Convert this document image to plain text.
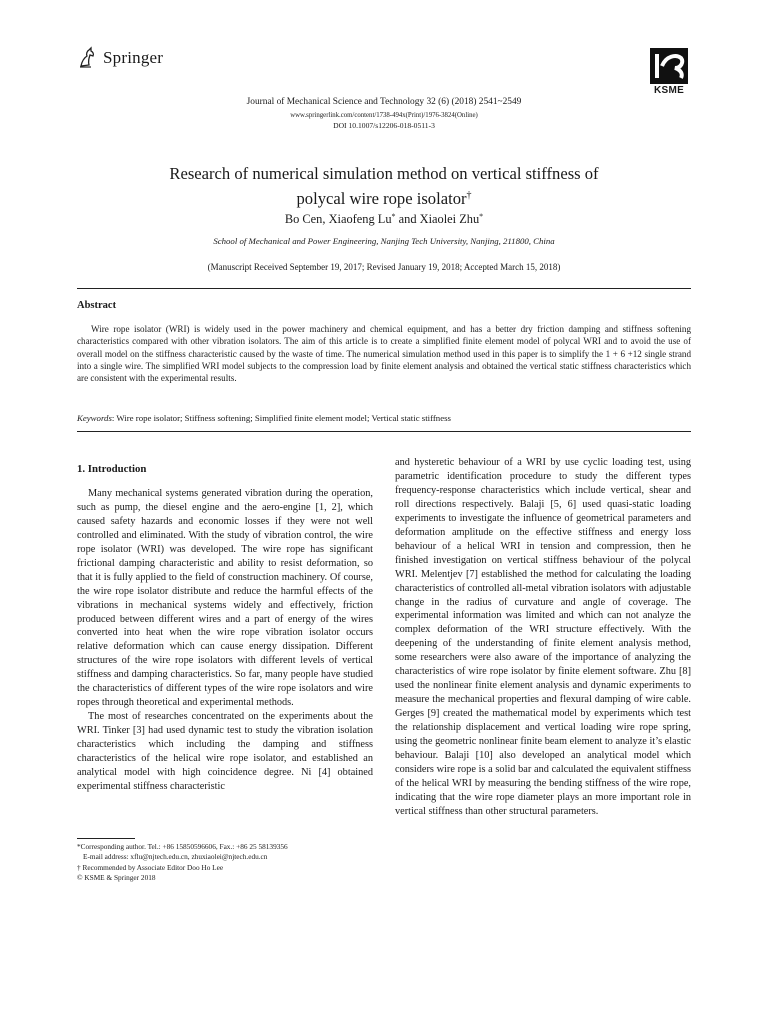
Springer
KSME
Journal of Mechanical Science and Technology 32 (6) (2018) 2541~2549
www.springerlink.com/content/1738-494x(Print)/1976-3824(Online)
DOI 10.1007/s12206-018-0511-3
Research of numerical simulation method on vertical stiffness of
polycal wire rope isolator†
Bo Cen, Xiaofeng Lu* and Xiaolei Zhu*
School of Mechanical and Power Engineering, Nanjing Tech University, Nanjing, 211800, China
(Manuscript Received September 19, 2017; Revised January 19, 2018; Accepted March 15, 2018)
Abstract
Wire rope isolator (WRI) is widely used in the power machinery and chemical equipment, and has a better dry friction damping and stiffness softening characteristics compared with other vibration isolators. The aim of this article is to create a simplified finite element model of polycal WRI and to avoid the use of overall model on the stiffness characteristic caused by the waste of time. The numerical simulation method used in this paper is to simplify the 1 + 6 +12 single strand into a single wire. The simplified WRI model subjects to the compression load by finite element analysis and obtained the vertical static stiffness characteristics which are consistent with the experimental results.
Keywords: Wire rope isolator; Stiffness softening; Simplified finite element model; Vertical static stiffness
1. Introduction

Many mechanical systems generated vibration during the operation, such as pump, the diesel engine and the aero-engine [1, 2], which caused safety hazards and economic losses if they were not well controlled and eliminated. With the study of vibration control, the wire rope isolator (WRI) was developed. The wire rope has significant frictional damping characteristic and ability to resist deformation, so that it is fully applied to the field of construction machinery. Of course, the wire rope isolator distribute and reduce the harmful effects of the vibrations in mechanical systems widely and effectively, friction produced between different wires and a part of energy of the wires converted into heat when the wire rope vibration isolator occurs relative deformation which can cause energy dissipation. Different structures of the wire rope isolators with different levels of vertical stiffness and damping characteristics. So far, many people have studied the characteristics of different types of the wire rope isolators and wire ropes through theoretical and experimental methods.

The most of researches concentrated on the experiments about the WRI. Tinker [3] had used dynamic test to study the vibration isolation characteristics which including the damping and stiffness characteristics of the helical wire rope isolator, and established an analytical model with high coincidence degree. Ni [4] obtained experimental stiffness characteristic

and hysteretic behaviour of a WRI by use cyclic loading test, using parametric identification procedure to study the different types frequency-response characteristics which include vertical, shear and roll directions respectively. Balaji [5, 6] used quasi-static loading experiments to investigate the influence of geometrical parameters and deformation amplitude on the effective stiffness and energy loss behaviour of a helical WRI in tension and compression, then he finished investigation on vertical stiffness behaviour of the polycal WRI. Melentjev [7] established the method for calculating the loading characteristics of controlled all-metal vibration isolators with adjustable change in the radius of curvature and angle of coverage. The experimental information was limited and which can not analyze the complex deformation of the WRI structure effectively. With the deepening of the understanding of finite element analysis method, some researchers were also aware of the importance of analyzing the characteristics of wire rope isolator by finite element software. Zhu [8] used the nonlinear finite element analysis and dynamic experiments to measure the mechanical properties and flexural damping of wire cable. Gerges [9] created the mathematical model by experiments which test the relationship displacement and vertical loading wire rope spring, using the geometric nonlinear finite beam element to analyze it’s elastic behaviour. Balaji [10] also developed an analytical model which considers wire rope is a solid bar and calculated the equivalent stiffness of the helical WRI by measuring the bending stiffness of the wire rope, indicating that the wire rope diameter plays an more important role in vertical stiffness than other structural parameters.

*Corresponding author. Tel.: +86 15850596606, Fax.: +86 25 58139356
E-mail address: xflu@njtech.edu.cn, zhuxiaolei@njtech.edu.cn
† Recommended by Associate Editor Doo Ho Lee
© KSME & Springer 2018
